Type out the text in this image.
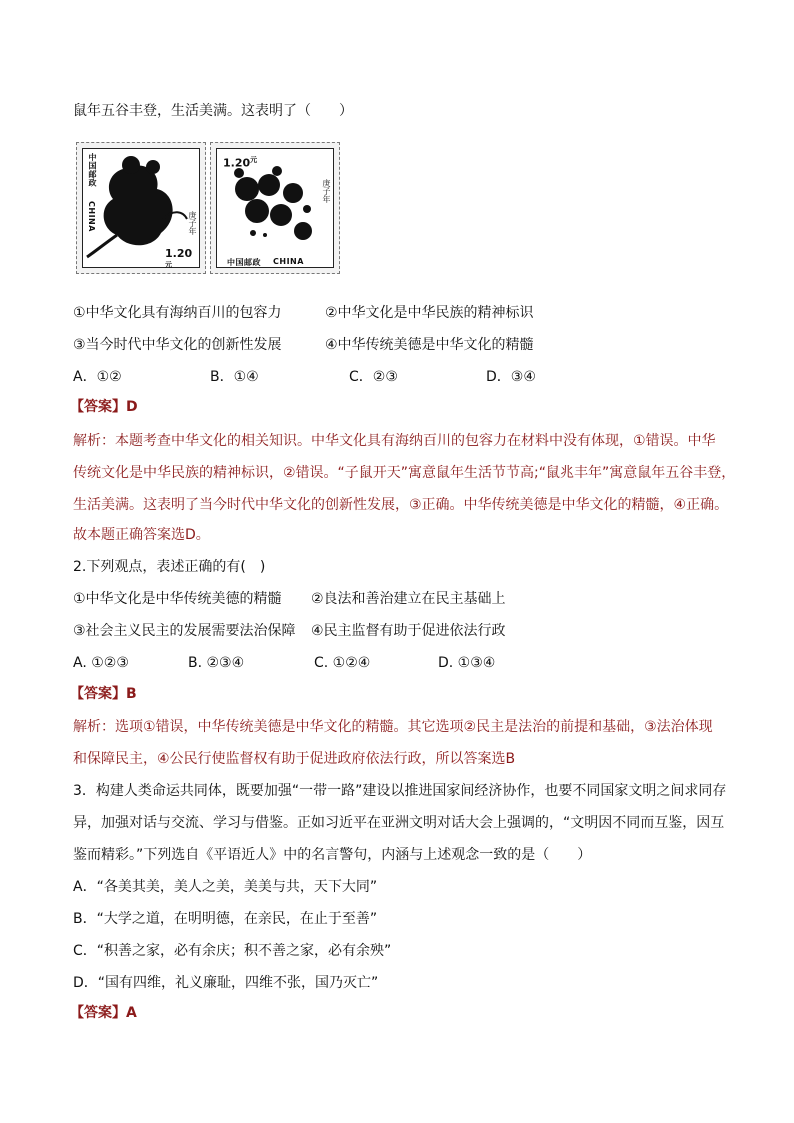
鼠年五谷丰登，生活美满。这表明了（　　）
中国邮政
CHINA	庚子年
$1.20^元$
$1.20^元$
庚子年
中国邮政 CHINA
①中华文化具有海纳百川的包容力	②中华文化是中华民族的精神标识
③当今时代中华文化的创新性发展	④中华传统美德是中华文化的精髓
A．①②	B．①④	C．②③	D．③④
【答案】D
解析：本题考查中华文化的相关知识。中华文化具有海纳百川的包容力在材料中没有体现，①错误。中华
传统文化是中华民族的精神标识，②错误。“子鼠开天”寓意鼠年生活节节高;“鼠兆丰年”寓意鼠年五谷丰登，
生活美满。这表明了当今时代中华文化的创新性发展，③正确。中华传统美德是中华文化的精髓，④正确。
故本题正确答案选D。
2.下列观点，表述正确的有(　)
①中华文化是中华传统美德的精髓 ②良法和善治建立在民主基础上
③社会主义民主的发展需要法治保障 ④民主监督有助于促进依法行政
A. ①②③	B. ②③④	C. ①②④	D. ①③④
【答案】B
解析：选项①错误，中华传统美德是中华文化的精髓。其它选项②民主是法治的前提和基础，③法治体现
和保障民主，④公民行使监督权有助于促进政府依法行政，所以答案选B
3．构建人类命运共同体，既要加强“一带一路”建设以推进国家间经济协作，也要不同国家文明之间求同存
异，加强对话与交流、学习与借鉴。正如习近平在亚洲文明对话大会上强调的，“文明因不同而互鉴，因互
鉴而精彩。”下列选自《平语近人》中的名言警句，内涵与上述观念一致的是（　　）
A．“各美其美，美人之美，美美与共，天下大同”
B．“大学之道，在明明德，在亲民，在止于至善”
C．“积善之家，必有余庆；积不善之家，必有余殃”
D．“国有四维，礼义廉耻，四维不张，国乃灭亡”
【答案】A
